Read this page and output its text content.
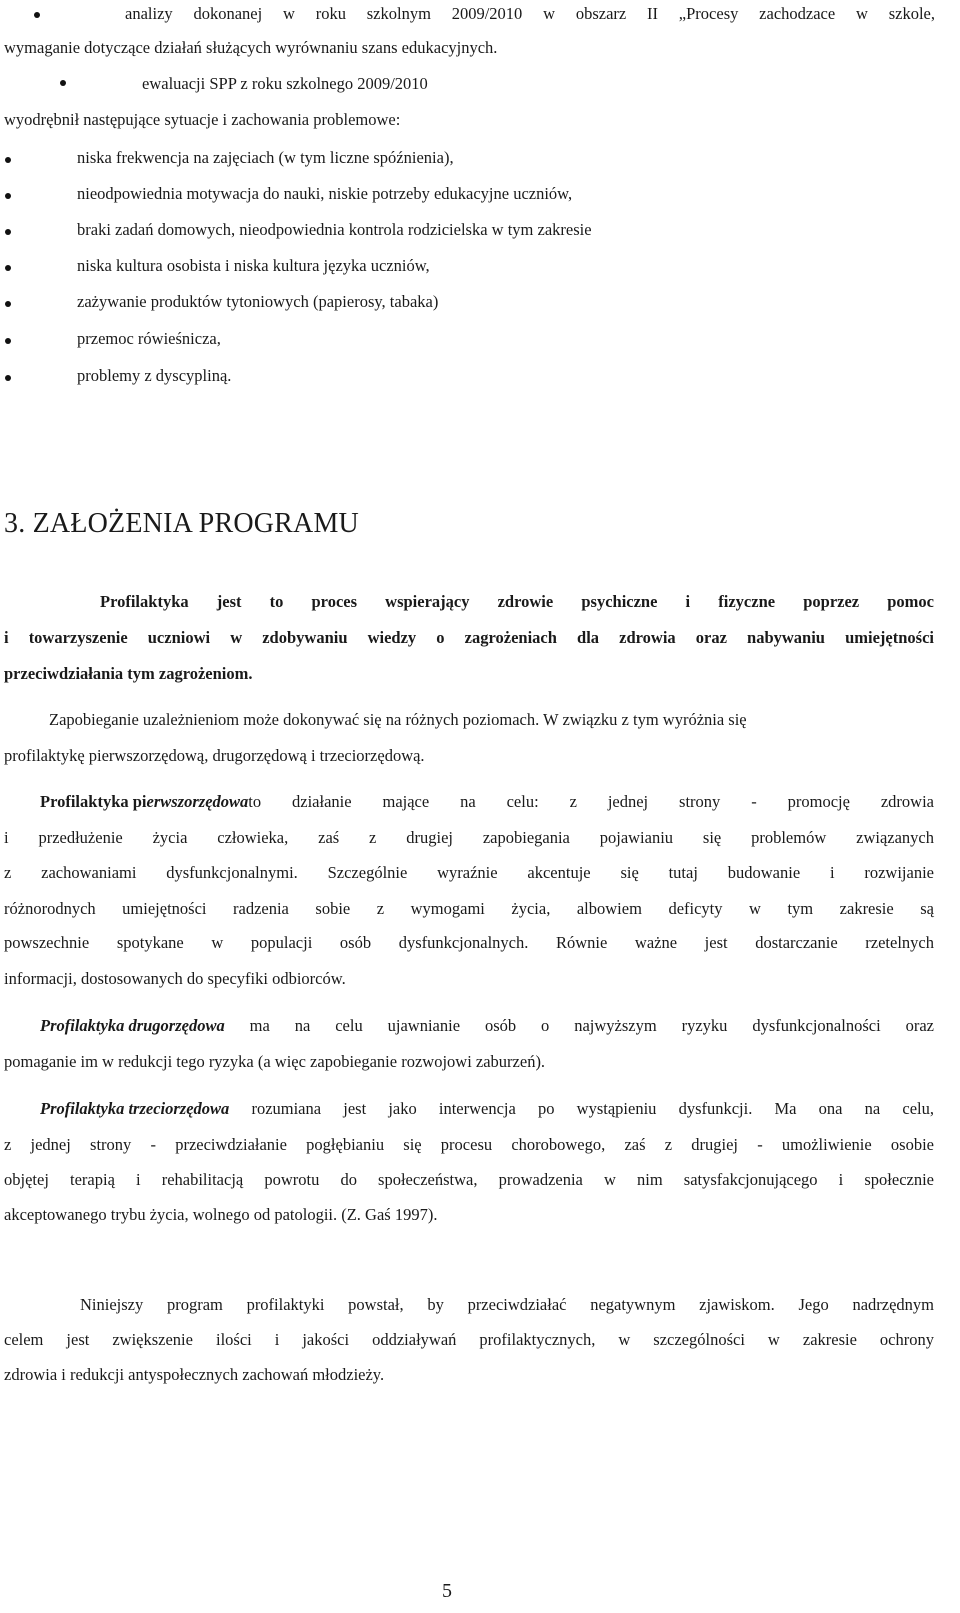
analizy dokonanej w roku szkolnym 2009/2010 w obszarz II „Procesy zachodzace w szkole,
wymaganie dotyczące działań służących wyrównaniu szans edukacyjnych.
ewaluacji SPP z roku szkolnego 2009/2010
wyodrębnił następujące sytuacje i zachowania problemowe:
niska frekwencja na zajęciach (w tym liczne spóźnienia),
nieodpowiednia motywacja do nauki, niskie potrzeby edukacyjne uczniów,
braki zadań domowych, nieodpowiednia kontrola rodzicielska w tym zakresie
niska kultura osobista i niska kultura języka uczniów,
zażywanie produktów tytoniowych (papierosy, tabaka)
przemoc rówieśnicza,
problemy z dyscypliną.
3. ZAŁOŻENIA PROGRAMU
Profilaktyka jest to proces wspierający zdrowie psychiczne i fizyczne poprzez pomoc
i towarzyszenie uczniowi w zdobywaniu wiedzy o zagrożeniach dla zdrowia oraz nabywaniu umiejętności
przeciwdziałania tym zagrożeniom.
Zapobieganie uzależnieniom może dokonywać się na różnych poziomach. W związku z tym wyróżnia się
profilaktykę pierwszorzędową, drugorzędową i trzeciorzędową.
Profilaktyka pierwszorzędowa to działanie mające na celu: z jednej strony - promocję zdrowia
i przedłużenie życia człowieka, zaś z drugiej zapobiegania pojawianiu się problemów związanych
z zachowaniami dysfunkcjonalnymi. Szczególnie wyraźnie akcentuje się tutaj budowanie i rozwijanie
różnorodnych umiejętności radzenia sobie z wymogami życia, albowiem deficyty w tym zakresie są
powszechnie spotykane w populacji osób dysfunkcjonalnych. Równie ważne jest dostarczanie rzetelnych
informacji, dostosowanych do specyfiki odbiorców.
Profilaktyka drugorzędowa ma na celu ujawnianie osób o najwyższym ryzyku dysfunkcjonalności oraz
pomaganie im w redukcji tego ryzyka (a więc zapobieganie rozwojowi zaburzeń).
Profilaktyka trzeciorzędowa rozumiana jest jako interwencja po wystąpieniu dysfunkcji. Ma ona na celu,
z jednej strony - przeciwdziałanie pogłębianiu się procesu chorobowego, zaś z drugiej - umożliwienie osobie
objętej terapią i rehabilitacją powrotu do społeczeństwa, prowadzenia w nim satysfakcjonującego i społecznie
akceptowanego trybu życia, wolnego od patologii. (Z. Gaś 1997).
Niniejszy program profilaktyki powstał, by przeciwdziałać negatywnym zjawiskom. Jego nadrzędnym
celem jest zwiększenie ilości i jakości oddziaływań profilaktycznych, w szczególności w zakresie ochrony
zdrowia i redukcji antyspołecznych zachowań młodzieży.
5
